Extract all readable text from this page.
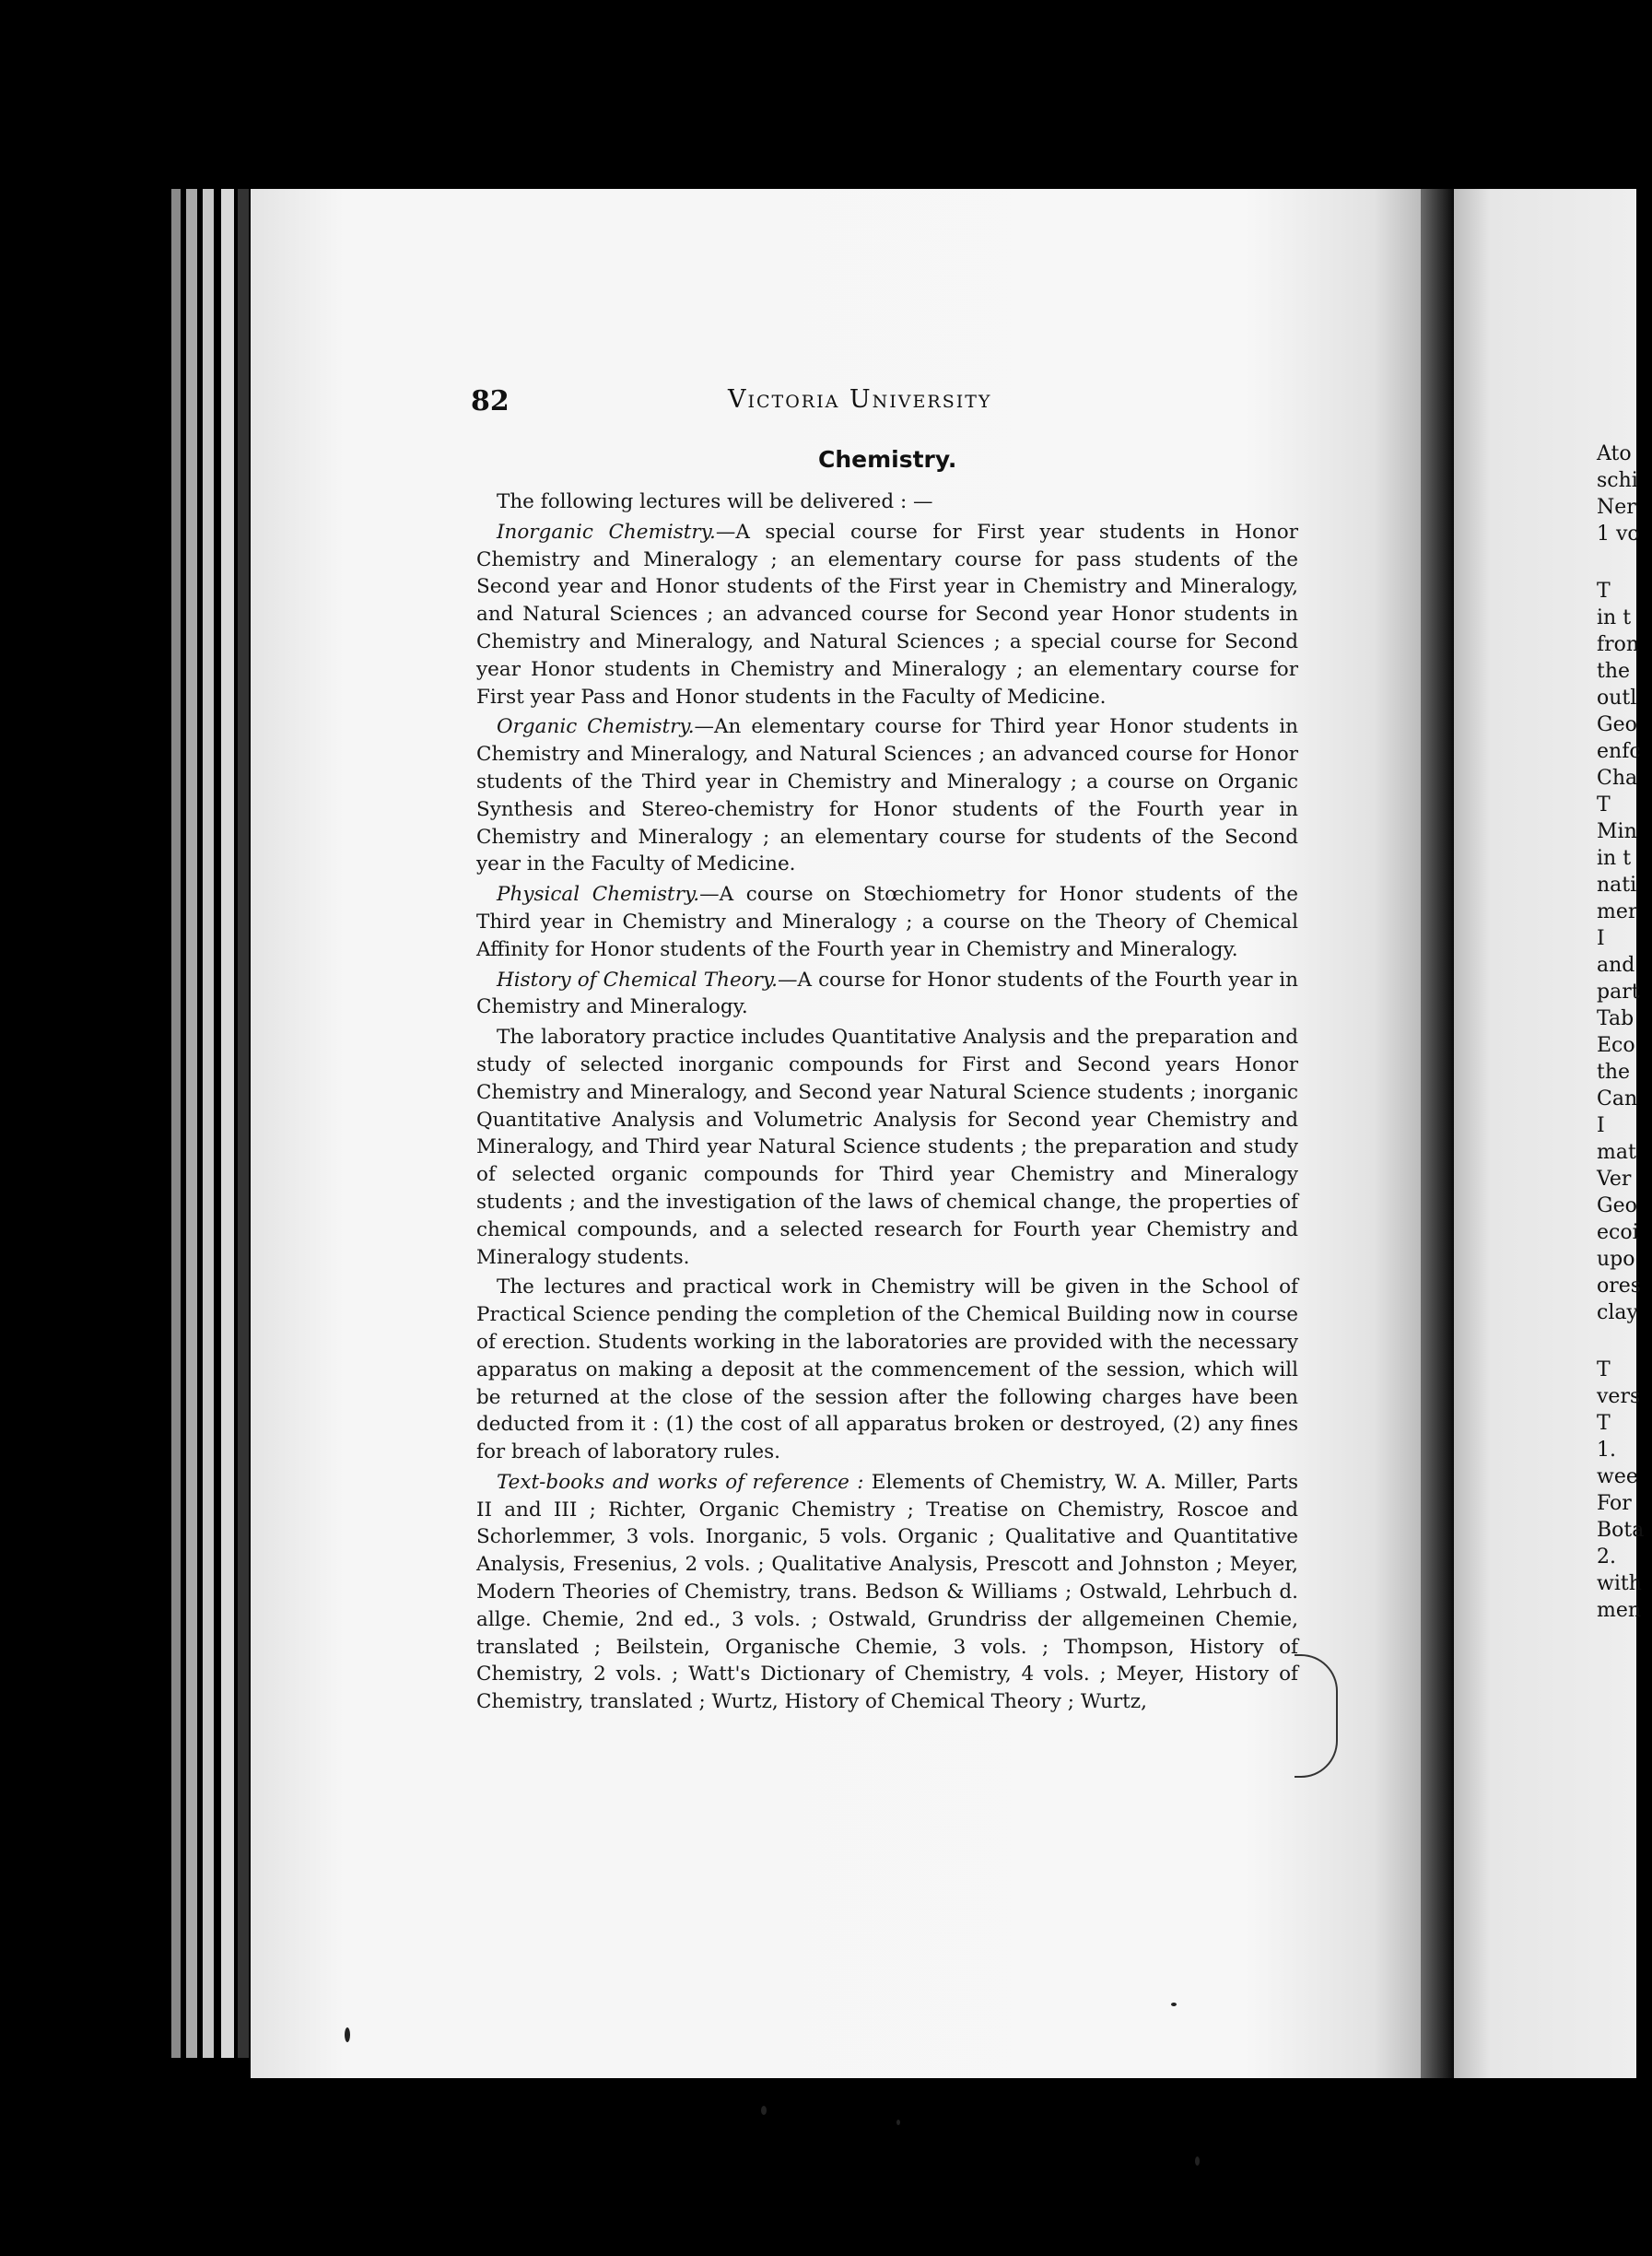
Ato
schi
Ner
1 vo
T
in t
fron
the
outl
Geo
enfc
Cha
T
Min
in t
nati
mer
I
and
part
Tab
Eco
the
Can
I
mat
Ver
Geo
ecoi
upo
ores
clay
T
vers
T
1.
wee
For
Bota
2.
with
men
82	Victoria University
Chemistry.

The following lectures will be delivered : —

Inorganic Chemistry.—A special course for First year students in Honor Chemistry and Mineralogy ; an elementary course for pass students of the Second year and Honor students of the First year in Chemistry and Mineralogy, and Natural Sciences ; an advanced course for Second year Honor students in Chemistry and Mineralogy, and Natural Sciences ; a special course for Second year Honor students in Chemistry and Mineralogy ; an elementary course for First year Pass and Honor students in the Faculty of Medicine.

Organic Chemistry.—An elementary course for Third year Honor students in Chemistry and Mineralogy, and Natural Sciences ; an advanced course for Honor students of the Third year in Chemistry and Mineralogy ; a course on Organic Synthesis and Stereo-chemistry for Honor students of the Fourth year in Chemistry and Mineralogy ; an elementary course for students of the Second year in the Faculty of Medicine.

Physical Chemistry.—A course on Stœchiometry for Honor students of the Third year in Chemistry and Mineralogy ; a course on the Theory of Chemical Affinity for Honor students of the Fourth year in Chemistry and Mineralogy.

History of Chemical Theory.—A course for Honor students of the Fourth year in Chemistry and Mineralogy.

The laboratory practice includes Quantitative Analysis and the preparation and study of selected inorganic compounds for First and Second years Honor Chemistry and Mineralogy, and Second year Natural Science students ; inorganic Quantitative Analysis and Volumetric Analysis for Second year Chemistry and Mineralogy, and Third year Natural Science students ; the preparation and study of selected organic compounds for Third year Chemistry and Mineralogy students ; and the investigation of the laws of chemical change, the properties of chemical compounds, and a selected research for Fourth year Chemistry and Mineralogy students.

The lectures and practical work in Chemistry will be given in the School of Practical Science pending the completion of the Chemical Building now in course of erection. Students working in the laboratories are provided with the necessary apparatus on making a deposit at the commencement of the session, which will be returned at the close of the session after the following charges have been deducted from it : (1) the cost of all apparatus broken or destroyed, (2) any fines for breach of laboratory rules.

Text-books and works of reference : Elements of Chemistry, W. A. Miller, Parts II and III ; Richter, Organic Chemistry ; Treatise on Chemistry, Roscoe and Schorlemmer, 3 vols. Inorganic, 5 vols. Organic ; Qualitative and Quantitative Analysis, Fresenius, 2 vols. ; Qualitative Analysis, Prescott and Johnston ; Meyer, Modern Theories of Chemistry, trans. Bedson & Williams ; Ostwald, Lehrbuch d. allge. Chemie, 2nd ed., 3 vols. ; Ostwald, Grundriss der allgemeinen Chemie, translated ; Beilstein, Organische Chemie, 3 vols. ; Thompson, History of Chemistry, 2 vols. ; Watt's Dictionary of Chemistry, 4 vols. ; Meyer, History of Chemistry, translated ; Wurtz, History of Chemical Theory ; Wurtz,
